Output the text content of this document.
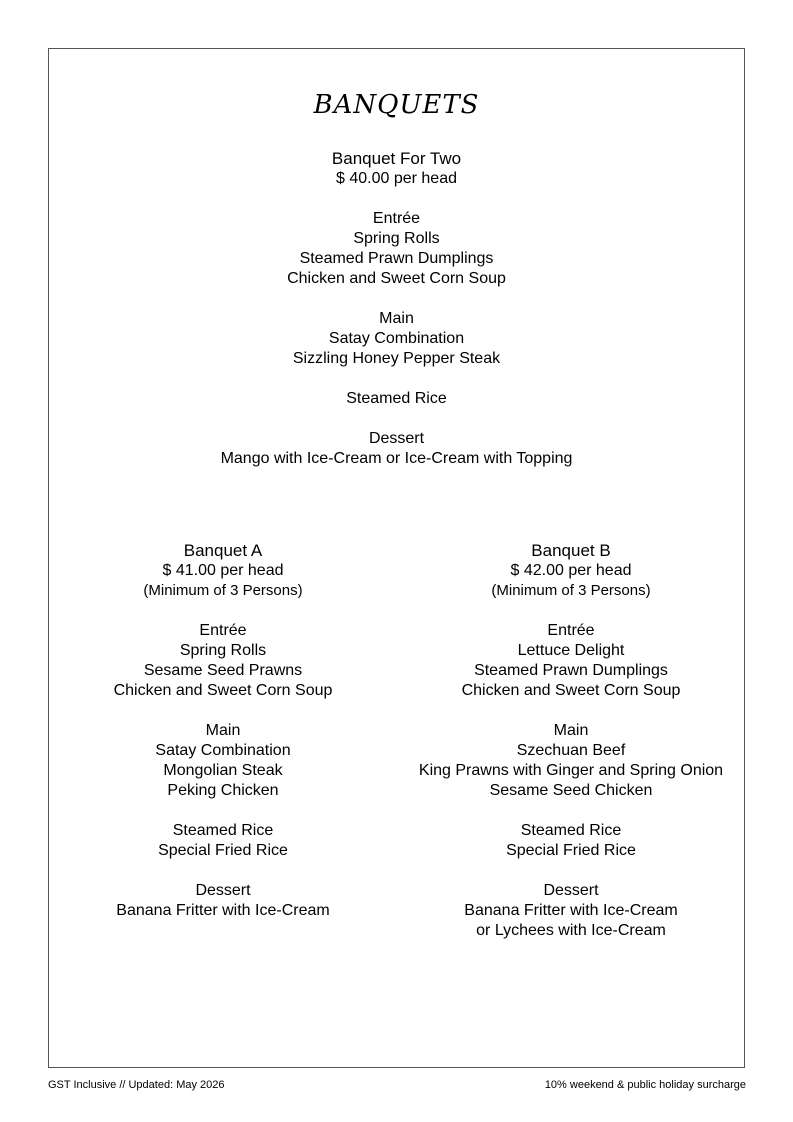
BANQUETS
Banquet For Two
$ 40.00 per head
Entrée
Spring Rolls
Steamed Prawn Dumplings
Chicken and Sweet Corn Soup
Main
Satay Combination
Sizzling Honey Pepper Steak
Steamed Rice
Dessert
Mango with Ice-Cream or Ice-Cream with Topping
Banquet A
$ 41.00 per head
(Minimum of 3 Persons)
Entrée
Spring Rolls
Sesame Seed Prawns
Chicken and Sweet Corn Soup
Main
Satay Combination
Mongolian Steak
Peking Chicken
Steamed Rice
Special Fried Rice
Dessert
Banana Fritter with Ice-Cream
Banquet B
$ 42.00 per head
(Minimum of 3 Persons)
Entrée
Lettuce Delight
Steamed Prawn Dumplings
Chicken and Sweet Corn Soup
Main
Szechuan Beef
King Prawns with Ginger and Spring Onion
Sesame Seed Chicken
Steamed Rice
Special Fried Rice
Dessert
Banana Fritter with Ice-Cream
or Lychees with Ice-Cream
GST Inclusive // Updated: May 2026	10% weekend & public holiday surcharge
